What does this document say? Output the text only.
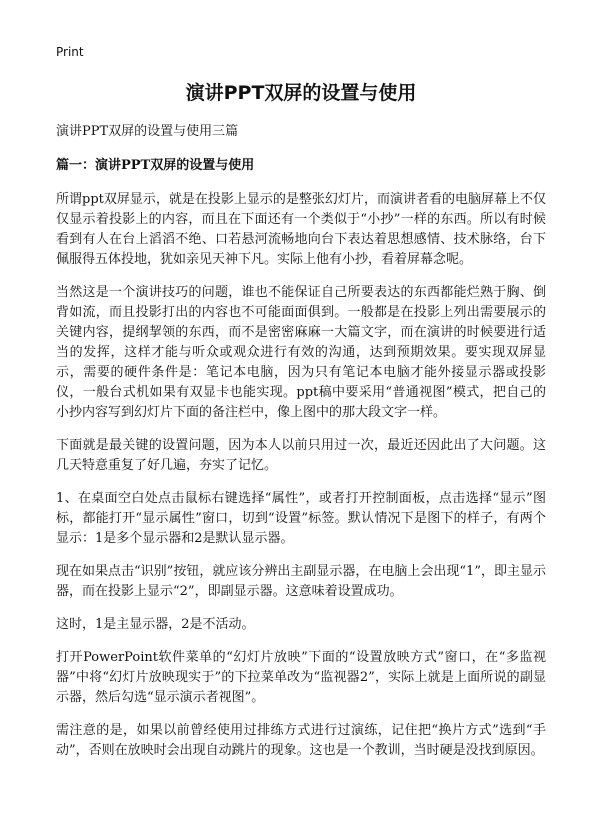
Print
演讲PPT双屏的设置与使用
演讲PPT双屏的设置与使用三篇
篇一：演讲PPT双屏的设置与使用

所谓ppt双屏显示，就是在投影上显示的是整张幻灯片，而演讲者看的电脑屏幕上不仅仅显示着投影上的内容，而且在下面还有一个类似于“小抄”一样的东西。所以有时候看到有人在台上滔滔不绝、口若悬河流畅地向台下表达着思想感情、技术脉络，台下佩服得五体投地，犹如亲见天神下凡。实际上他有小抄，看着屏幕念呢。

当然这是一个演讲技巧的问题，谁也不能保证自己所要表达的东西都能烂熟于胸、倒背如流，而且投影打出的内容也不可能面面俱到。一般都是在投影上列出需要展示的关键内容，提纲挈领的东西，而不是密密麻麻一大篇文字，而在演讲的时候要进行适当的发挥，这样才能与听众或观众进行有效的沟通，达到预期效果。要实现双屏显示，需要的硬件条件是：笔记本电脑，因为只有笔记本电脑才能外接显示器或投影仪，一般台式机如果有双显卡也能实现。ppt稿中要采用“普通视图”模式，把自己的小抄内容写到幻灯片下面的备注栏中，像上图中的那大段文字一样。

下面就是最关键的设置问题，因为本人以前只用过一次，最近还因此出了大问题。这几天特意重复了好几遍，夯实了记忆。

1、在桌面空白处点击鼠标右键选择“属性”，或者打开控制面板，点击选择“显示”图标，都能打开“显示属性”窗口，切到“设置”标签。默认情况下是图下的样子，有两个显示：1是多个显示器和2是默认显示器。

现在如果点击“识别”按钮，就应该分辨出主副显示器，在电脑上会出现“1”，即主显示器，而在投影上显示“2”，即副显示器。这意味着设置成功。

这时，1是主显示器，2是不活动。

打开PowerPoint软件菜单的“幻灯片放映”下面的“设置放映方式”窗口，在“多监视器”中将“幻灯片放映现实于”的下拉菜单改为“监视器2”，实际上就是上面所说的副显示器，然后勾选“显示演示者视图”。

需注意的是，如果以前曾经使用过排练方式进行过演练，记住把“换片方式”选到“手动”，否则在放映时会出现自动跳片的现象。这也是一个教训，当时硬是没找到原因。
